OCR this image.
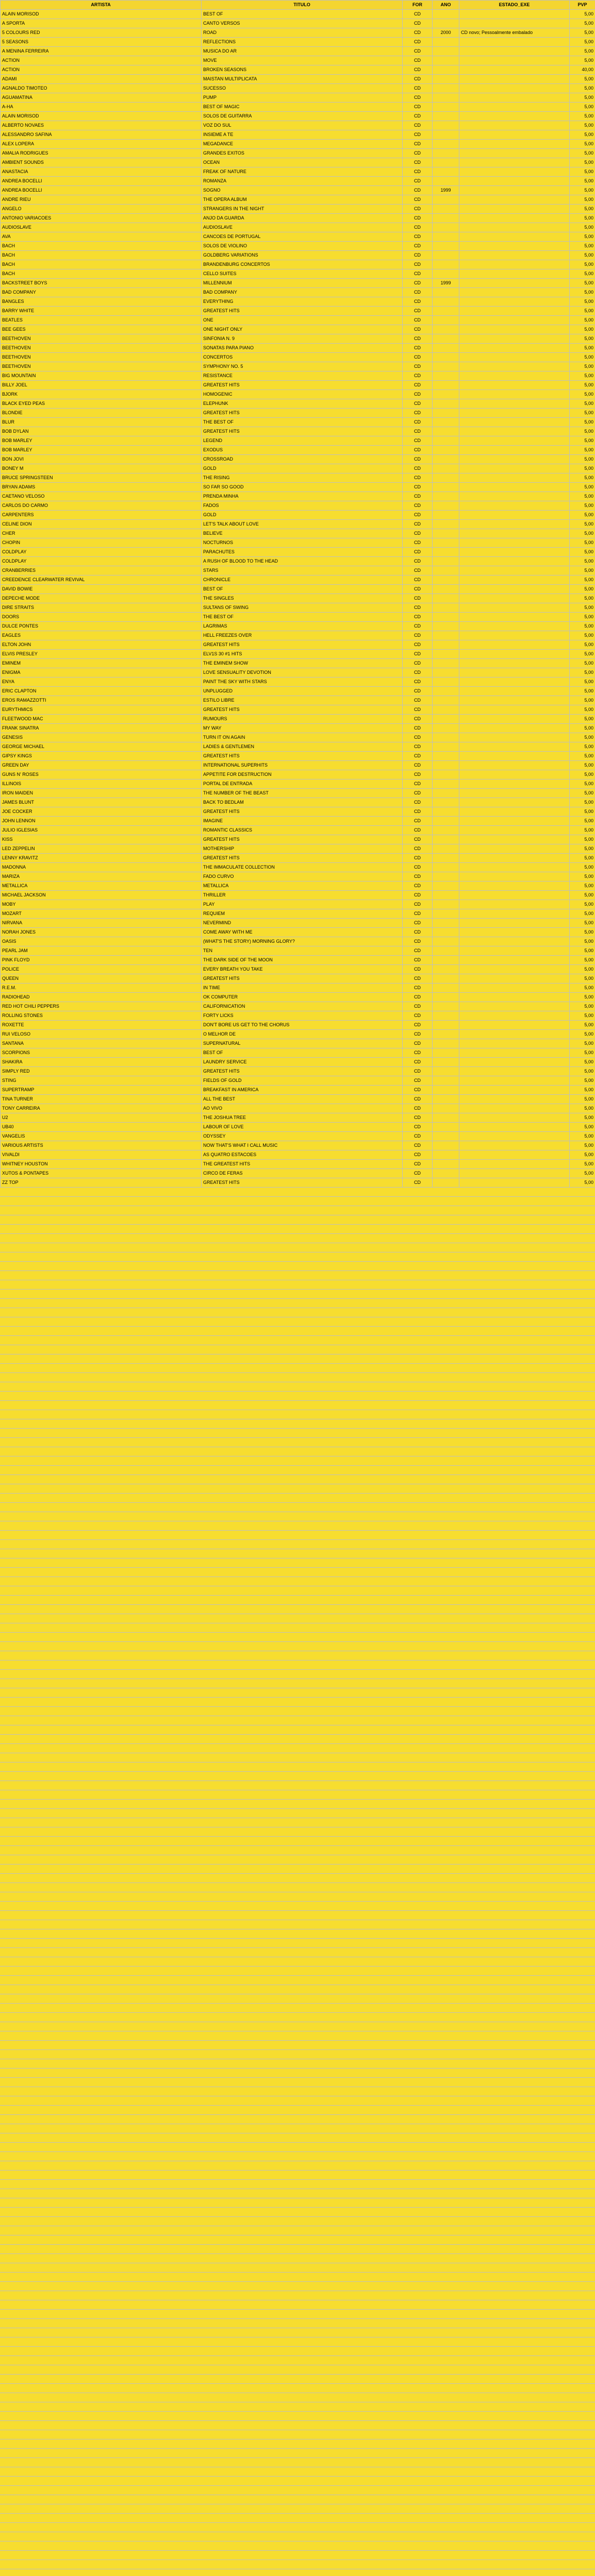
ARTISTA	TITULO	FOR	ANO	ESTADO_EXE	PVP
ALAIN MORISOD	BEST OF	CD			5,00
A SPORTA	CANTO VERSOS	CD			5,00
5 COLOURS RED	ROAD	CD	2000	CD novo; Pessoalmente embalado	5,00
5 SEASONS	REFLECTIONS	CD			5,00
A MENINA FERREIRA	MUSICA DO AR	CD			5,00
ACTION	MOVE	CD			5,00
ACTION	BROKEN SEASONS	CD			40,00
ADAMI	MAISTAN MULTIPLICATA	CD			5,00
AGNALDO TIMOTEO	SUCESSO	CD			5,00
AGUAMATINA	PUMP	CD			5,00
A-HA	BEST OF MAGIC	CD			5,00
ALAIN MORISOD	SOLOS DE GUITARRA	CD			5,00
ALBERTO NOVAES	VOZ DO SUL	CD			5,00
ALESSANDRO SAFINA	INSIEME A TE	CD			5,00
ALEX LOPERA	MEGADANCE	CD			5,00
AMALIA RODRIGUES	GRANDES EXITOS	CD			5,00
AMBIENT SOUNDS	OCEAN	CD			5,00
ANASTACIA	FREAK OF NATURE	CD			5,00
ANDREA BOCELLI	ROMANZA	CD			5,00
ANDREA BOCELLI	SOGNO	CD	1999		5,00
ANDRE RIEU	THE OPERA ALBUM	CD			5,00
ANGELO	STRANGERS IN THE NIGHT	CD			5,00
ANTONIO VARIACOES	ANJO DA GUARDA	CD			5,00
AUDIOSLAVE	AUDIOSLAVE	CD			5,00
AVA	CANCOES DE PORTUGAL	CD			5,00
BACH	SOLOS DE VIOLINO	CD			5,00
BACH	GOLDBERG VARIATIONS	CD			5,00
BACH	BRANDENBURG CONCERTOS	CD			5,00
BACH	CELLO SUITES	CD			5,00
BACKSTREET BOYS	MILLENNIUM	CD	1999		5,00
BAD COMPANY	BAD COMPANY	CD			5,00
BANGLES	EVERYTHING	CD			5,00
BARRY WHITE	GREATEST HITS	CD			5,00
BEATLES	ONE	CD			5,00
BEE GEES	ONE NIGHT ONLY	CD			5,00
BEETHOVEN	SINFONIA N. 9	CD			5,00
BEETHOVEN	SONATAS PARA PIANO	CD			5,00
BEETHOVEN	CONCERTOS	CD			5,00
BEETHOVEN	SYMPHONY NO. 5	CD			5,00
BIG MOUNTAIN	RESISTANCE	CD			5,00
BILLY JOEL	GREATEST HITS	CD			5,00
BJORK	HOMOGENIC	CD			5,00
BLACK EYED PEAS	ELEPHUNK	CD			5,00
BLONDIE	GREATEST HITS	CD			5,00
BLUR	THE BEST OF	CD			5,00
BOB DYLAN	GREATEST HITS	CD			5,00
BOB MARLEY	LEGEND	CD			5,00
BOB MARLEY	EXODUS	CD			5,00
BON JOVI	CROSSROAD	CD			5,00
BONEY M	GOLD	CD			5,00
BRUCE SPRINGSTEEN	THE RISING	CD			5,00
BRYAN ADAMS	SO FAR SO GOOD	CD			5,00
CAETANO VELOSO	PRENDA MINHA	CD			5,00
CARLOS DO CARMO	FADOS	CD			5,00
CARPENTERS	GOLD	CD			5,00
CELINE DION	LET'S TALK ABOUT LOVE	CD			5,00
CHER	BELIEVE	CD			5,00
CHOPIN	NOCTURNOS	CD			5,00
COLDPLAY	PARACHUTES	CD			5,00
COLDPLAY	A RUSH OF BLOOD TO THE HEAD	CD			5,00
CRANBERRIES	STARS	CD			5,00
CREEDENCE CLEARWATER REVIVAL	CHRONICLE	CD			5,00
DAVID BOWIE	BEST OF	CD			5,00
DEPECHE MODE	THE SINGLES	CD			5,00
DIRE STRAITS	SULTANS OF SWING	CD			5,00
DOORS	THE BEST OF	CD			5,00
DULCE PONTES	LAGRIMAS	CD			5,00
EAGLES	HELL FREEZES OVER	CD			5,00
ELTON JOHN	GREATEST HITS	CD			5,00
ELVIS PRESLEY	ELV1S 30 #1 HITS	CD			5,00
EMINEM	THE EMINEM SHOW	CD			5,00
ENIGMA	LOVE SENSUALITY DEVOTION	CD			5,00
ENYA	PAINT THE SKY WITH STARS	CD			5,00
ERIC CLAPTON	UNPLUGGED	CD			5,00
EROS RAMAZZOTTI	ESTILO LIBRE	CD			5,00
EURYTHMICS	GREATEST HITS	CD			5,00
FLEETWOOD MAC	RUMOURS	CD			5,00
FRANK SINATRA	MY WAY	CD			5,00
GENESIS	TURN IT ON AGAIN	CD			5,00
GEORGE MICHAEL	LADIES & GENTLEMEN	CD			5,00
GIPSY KINGS	GREATEST HITS	CD			5,00
GREEN DAY	INTERNATIONAL SUPERHITS	CD			5,00
GUNS N' ROSES	APPETITE FOR DESTRUCTION	CD			5,00
ILLINOIS	PORTAL DE ENTRADA	CD			5,00
IRON MAIDEN	THE NUMBER OF THE BEAST	CD			5,00
JAMES BLUNT	BACK TO BEDLAM	CD			5,00
JOE COCKER	GREATEST HITS	CD			5,00
JOHN LENNON	IMAGINE	CD			5,00
JULIO IGLESIAS	ROMANTIC CLASSICS	CD			5,00
KISS	GREATEST HITS	CD			5,00
LED ZEPPELIN	MOTHERSHIP	CD			5,00
LENNY KRAVITZ	GREATEST HITS	CD			5,00
MADONNA	THE IMMACULATE COLLECTION	CD			5,00
MARIZA	FADO CURVO	CD			5,00
METALLICA	METALLICA	CD			5,00
MICHAEL JACKSON	THRILLER	CD			5,00
MOBY	PLAY	CD			5,00
MOZART	REQUIEM	CD			5,00
NIRVANA	NEVERMIND	CD			5,00
NORAH JONES	COME AWAY WITH ME	CD			5,00
OASIS	(WHAT'S THE STORY) MORNING GLORY?	CD			5,00
PEARL JAM	TEN	CD			5,00
PINK FLOYD	THE DARK SIDE OF THE MOON	CD			5,00
POLICE	EVERY BREATH YOU TAKE	CD			5,00
QUEEN	GREATEST HITS	CD			5,00
R.E.M.	IN TIME	CD			5,00
RADIOHEAD	OK COMPUTER	CD			5,00
RED HOT CHILI PEPPERS	CALIFORNICATION	CD			5,00
ROLLING STONES	FORTY LICKS	CD			5,00
ROXETTE	DON'T BORE US GET TO THE CHORUS	CD			5,00
RUI VELOSO	O MELHOR DE	CD			5,00
SANTANA	SUPERNATURAL	CD			5,00
SCORPIONS	BEST OF	CD			5,00
SHAKIRA	LAUNDRY SERVICE	CD			5,00
SIMPLY RED	GREATEST HITS	CD			5,00
STING	FIELDS OF GOLD	CD			5,00
SUPERTRAMP	BREAKFAST IN AMERICA	CD			5,00
TINA TURNER	ALL THE BEST	CD			5,00
TONY CARREIRA	AO VIVO	CD			5,00
U2	THE JOSHUA TREE	CD			5,00
UB40	LABOUR OF LOVE	CD			5,00
VANGELIS	ODYSSEY	CD			5,00
VARIOUS ARTISTS	NOW THAT'S WHAT I CALL MUSIC	CD			5,00
VIVALDI	AS QUATRO ESTACOES	CD			5,00
WHITNEY HOUSTON	THE GREATEST HITS	CD			5,00
XUTOS & PONTAPES	CIRCO DE FERAS	CD			5,00
ZZ TOP	GREATEST HITS	CD			5,00
